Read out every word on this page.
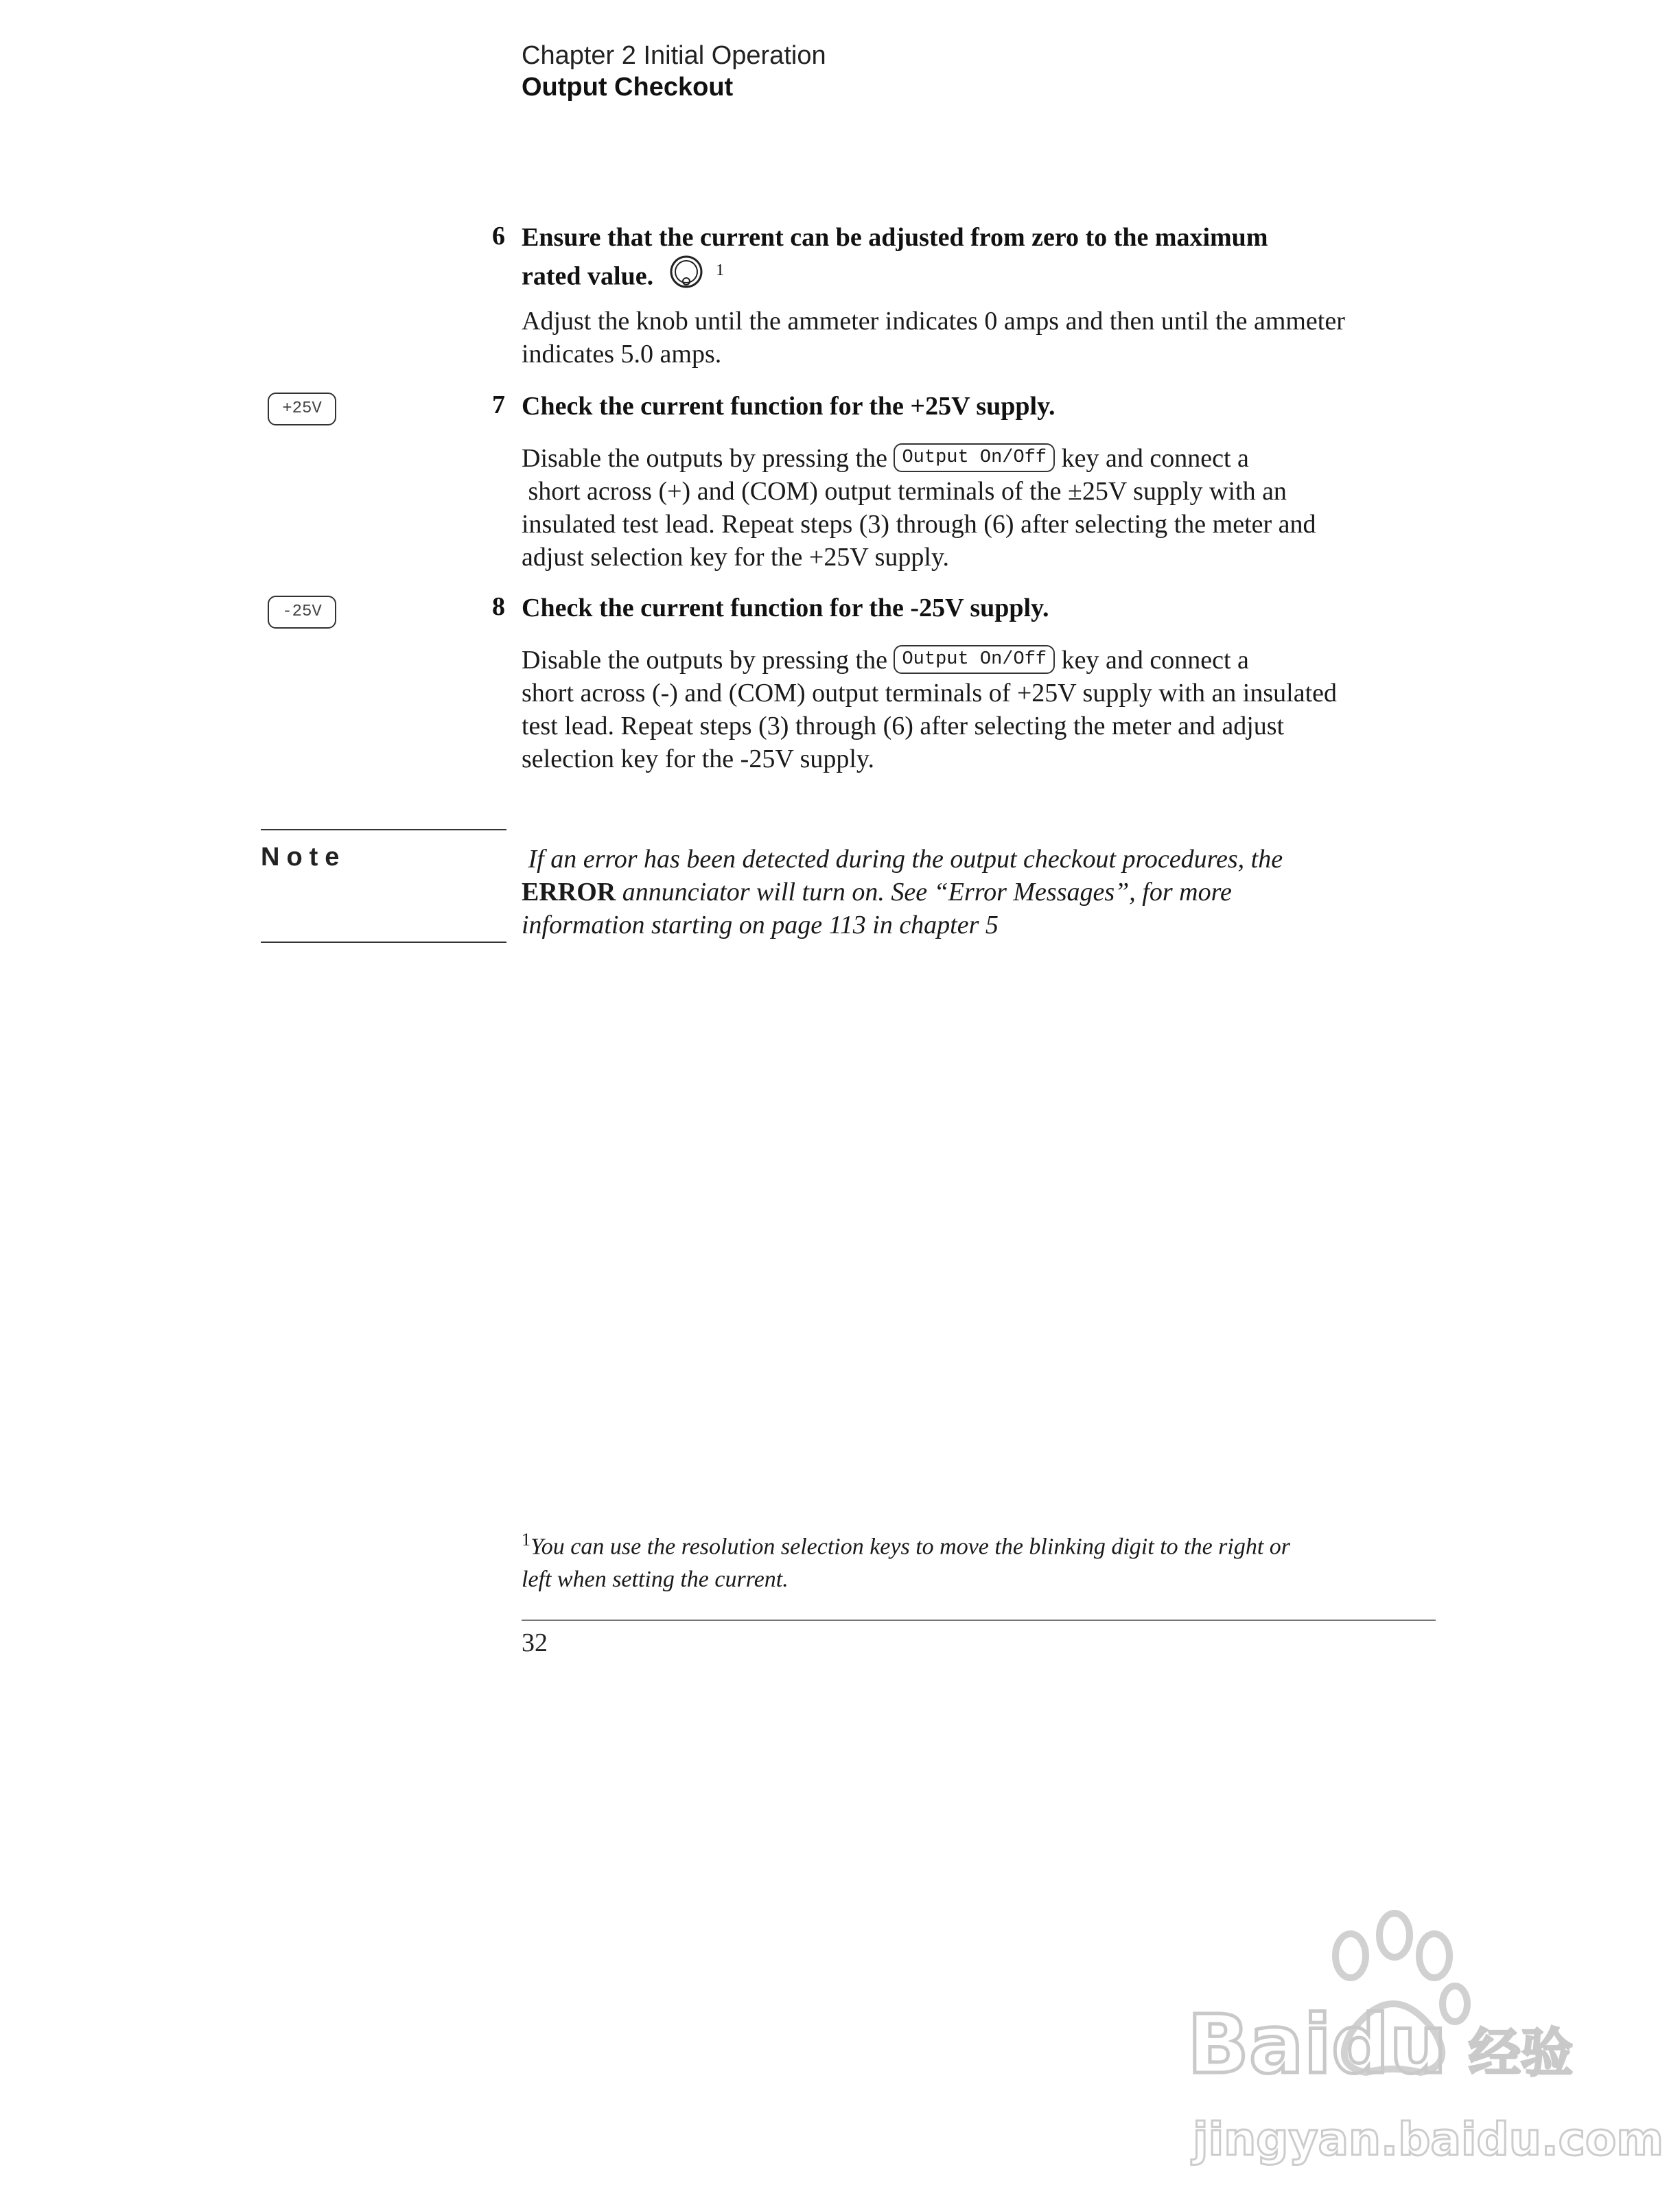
Chapter 2 Initial Operation
Output Checkout
6 Ensure that the current can be adjusted from zero to the maximum
rated value.	$^1$
Adjust the knob until the ammeter indicates 0 amps and then until the ammeter
indicates 5.0 amps.
+25V	7 Check the current function for the +25V supply.
Disable the outputs by pressing the Output On/Off key and connect a
short across (+) and (COM) output terminals of the ±25V supply with an
insulated test lead. Repeat steps (3) through (6) after selecting the meter and
adjust selection key for the +25V supply.
-25V	8 Check the current function for the -25V supply.
Disable the outputs by pressing the Output On/Off key and connect a
short across (-) and (COM) output terminals of +25V supply with an insulated
test lead. Repeat steps (3) through (6) after selecting the meter and adjust
selection key for the -25V supply.
Note	If an error has been detected during the output checkout procedures, the
ERROR annunciator will turn on. See “Error Messages”, for more
information starting on page 113 in chapter 5
$^1$You can use the resolution selection keys to move the blinking digit to the right or
left when setting the current.
32
Baidu 经验
jingyan.baidu.com
